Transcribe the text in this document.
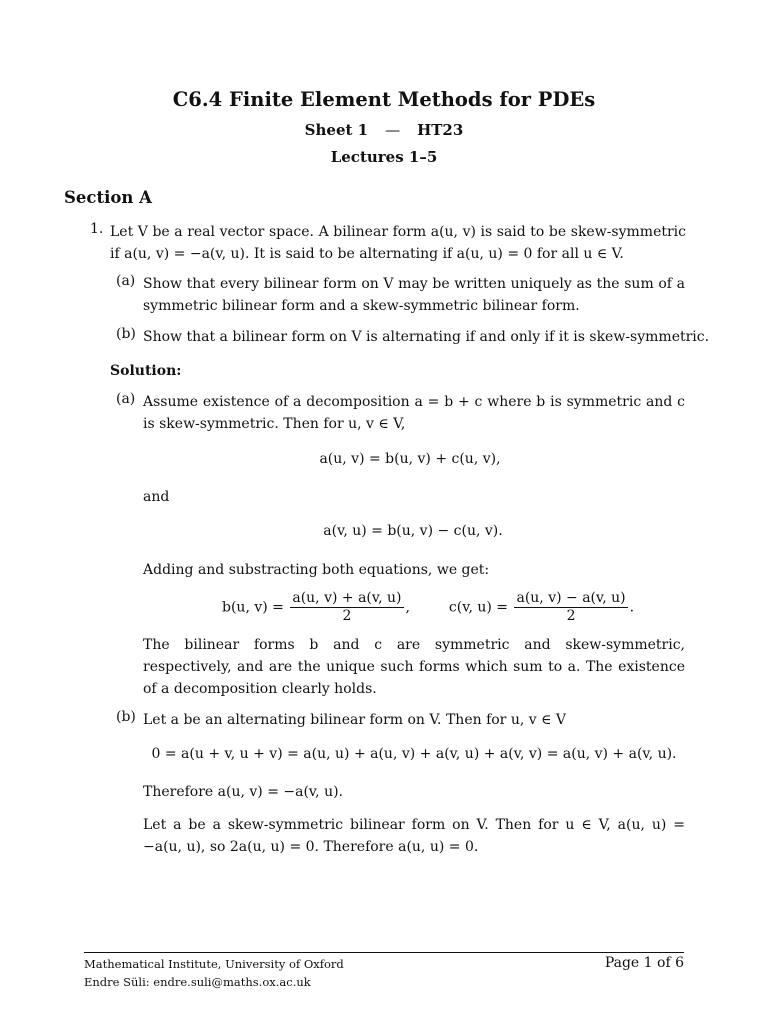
C6.4 Finite Element Methods for PDEs
Sheet 1 — HT23
Lectures 1–5
Section A
1. Let V be a real vector space. A bilinear form a(u, v) is said to be skew-symmetric if a(u, v) = −a(v, u). It is said to be alternating if a(u, u) = 0 for all u ∈ V.
(a) Show that every bilinear form on V may be written uniquely as the sum of a symmetric bilinear form and a skew-symmetric bilinear form.
(b) Show that a bilinear form on V is alternating if and only if it is skew-symmetric.
Solution:
(a) Assume existence of a decomposition a = b + c where b is symmetric and c is skew-symmetric. Then for u, v ∈ V,
a(u, v) = b(u, v) + c(u, v),
and
a(v, u) = b(u, v) − c(u, v).
Adding and substracting both equations, we get:
b(u, $v) = \frac{a(u, v) + a(v, u)}{2}$ ,	c(v, $u) = \frac{a(u, v) - a(v, u)}{2}$ .
The bilinear forms b and c are symmetric and skew-symmetric, respectively, and are the unique such forms which sum to a. The existence of a decomposition clearly holds.
(b) Let a be an alternating bilinear form on V. Then for u, v ∈ V
0 = a(u + v, u + v) = a(u, u) + a(u, v) + a(v, u) + a(v, v) = a(u, v) + a(v, u).
Therefore a(u, v) = −a(v, u).
Let a be a skew-symmetric bilinear form on V. Then for u ∈ V, a(u, u) = −a(u, u), so 2a(u, u) = 0. Therefore a(u, u) = 0.
Mathematical Institute, University of Oxford
Endre Süli: endre.suli@maths.ox.ac.uk
Page 1 of 6
